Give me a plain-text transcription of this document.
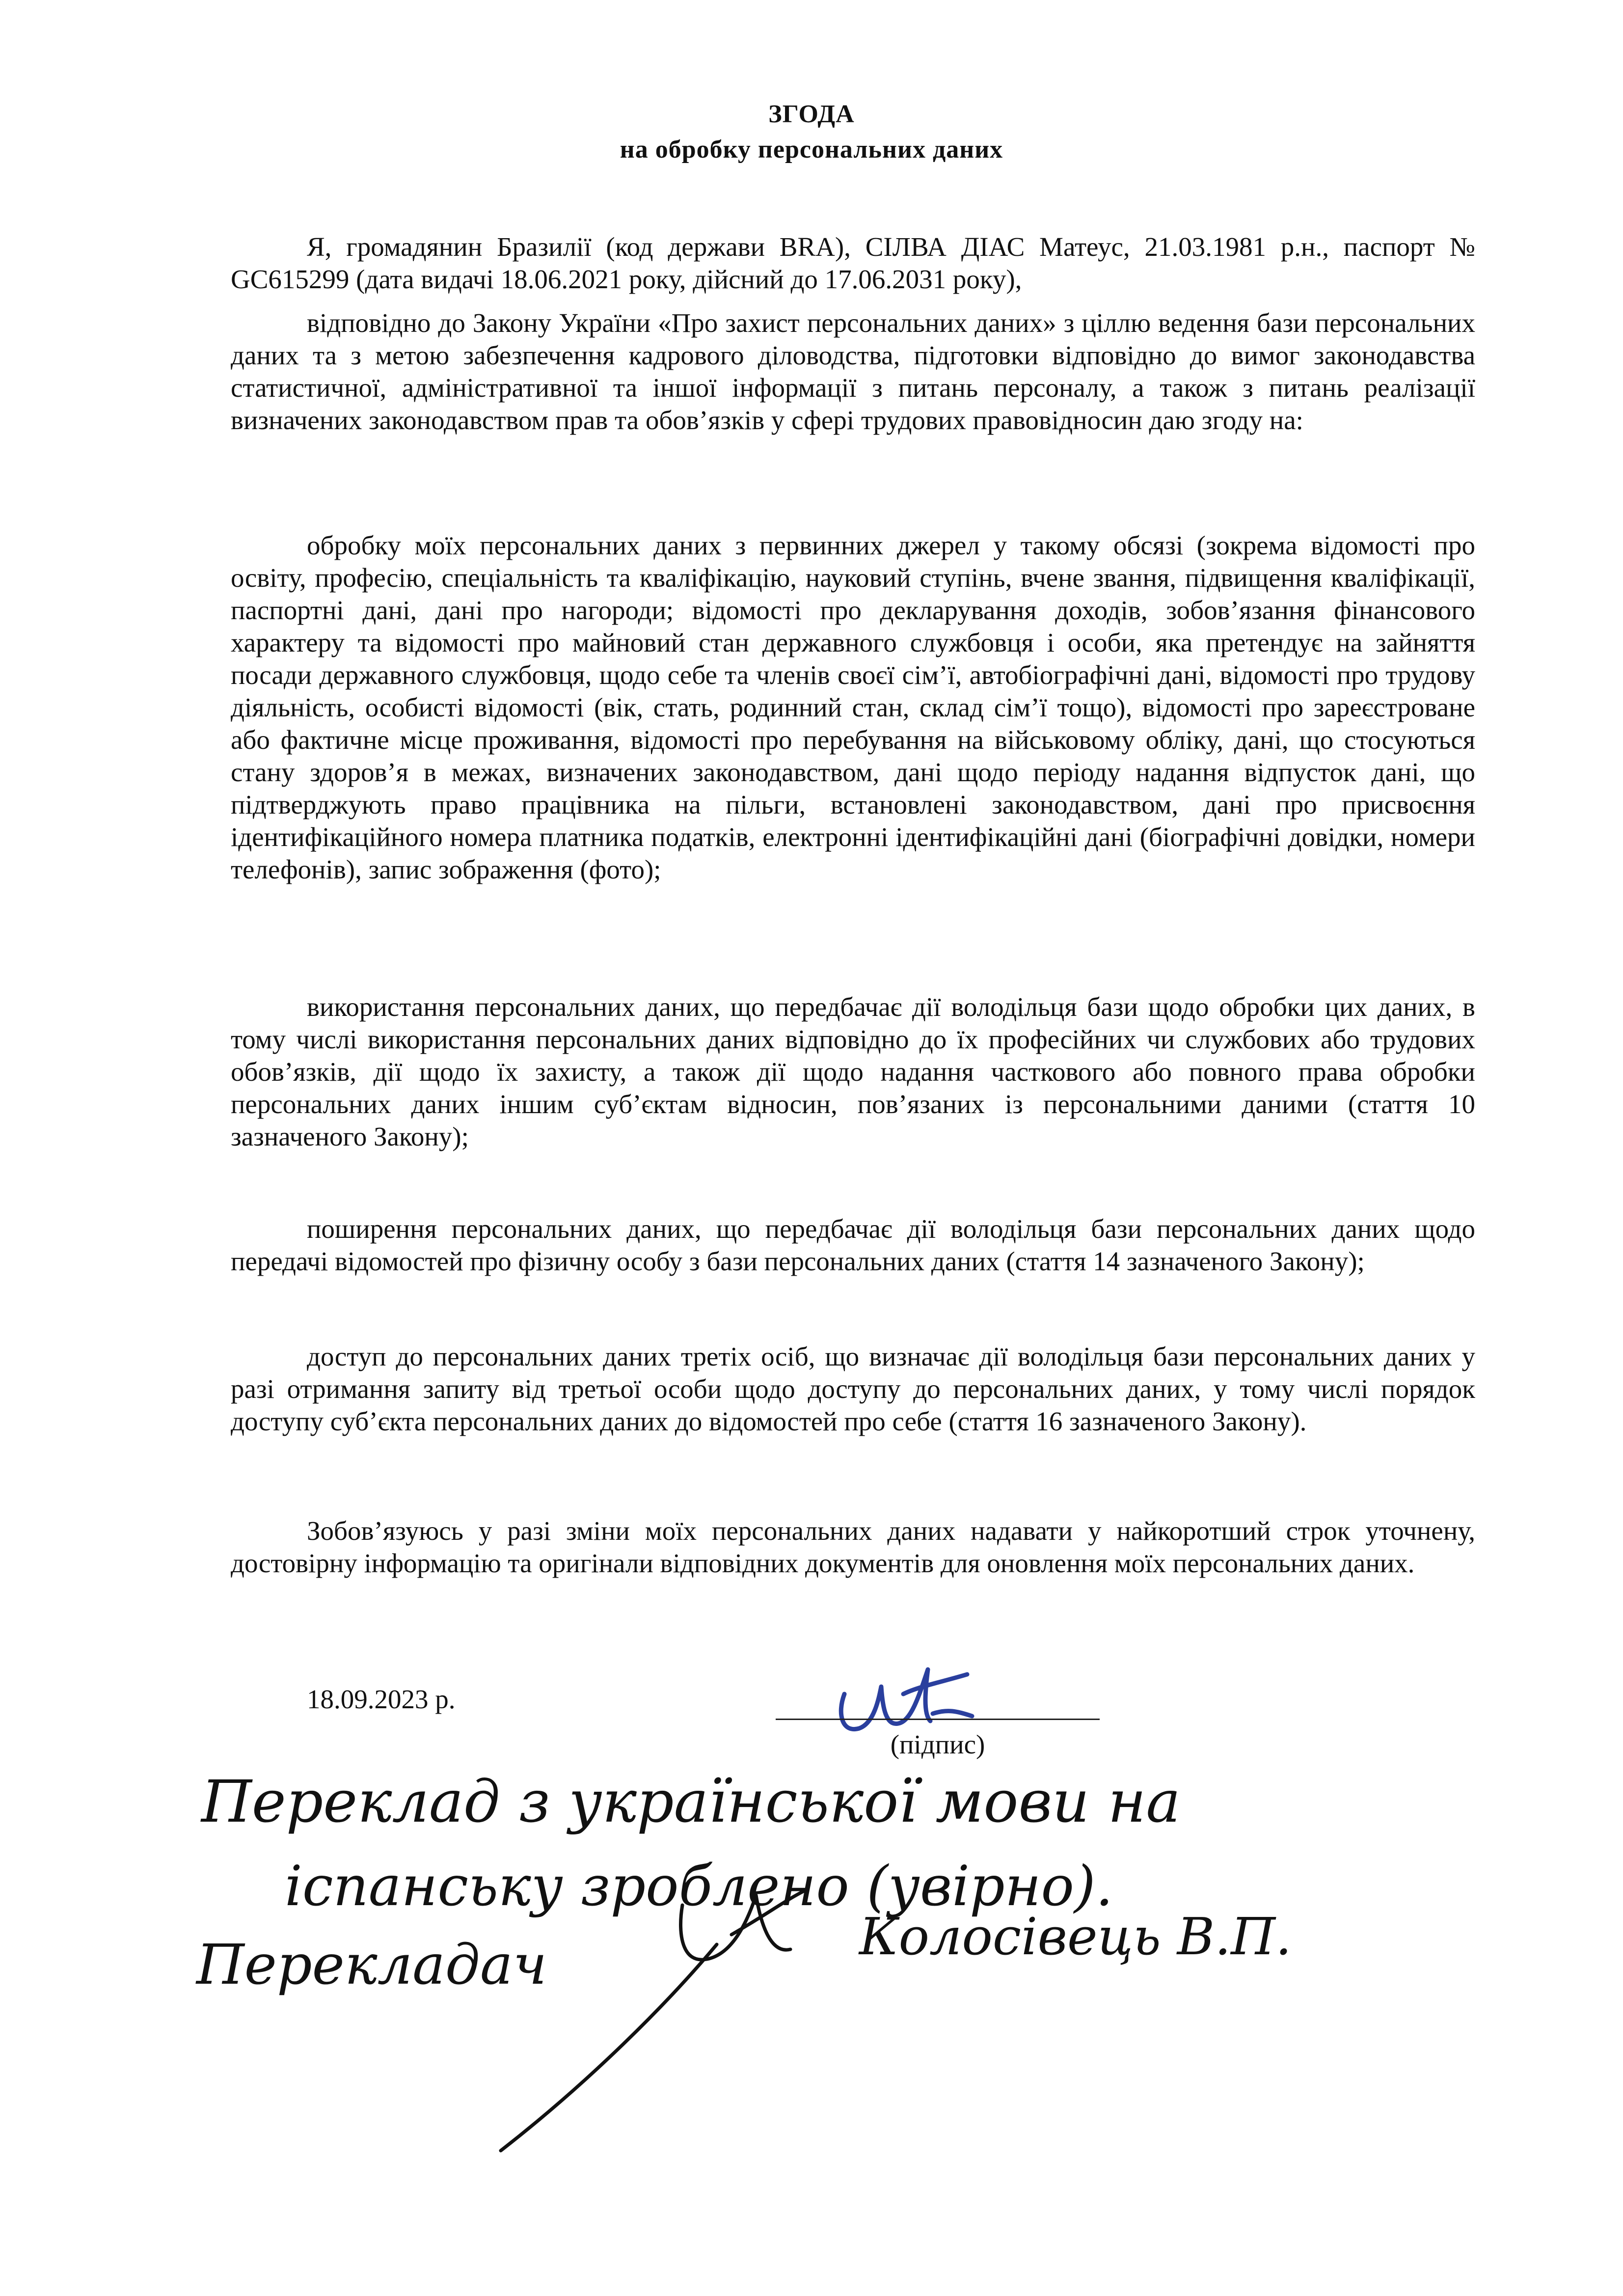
ЗГОДА
на обробку персональних даних

Я, громадянин Бразилії (код держави BRA), СІЛВА ДІАС Матеус, 21.03.1981 р.н., паспорт № GC615299 (дата видачі 18.06.2021 року, дійсний до 17.06.2031 року),

відповідно до Закону України «Про захист персональних даних» з ціллю ведення бази персональних даних та з метою забезпечення кадрового діловодства, підготовки відповідно до вимог законодавства статистичної, адміністративної та іншої інформації з питань персоналу, а також з питань реалізації визначених законодавством прав та обов’язків у сфері трудових правовідносин даю згоду на:

обробку моїх персональних даних з первинних джерел у такому обсязі (зокрема відомості про освіту, професію, спеціальність та кваліфікацію, науковий ступінь, вчене звання, підвищення кваліфікації, паспортні дані, дані про нагороди; відомості про декларування доходів, зобов’язання фінансового характеру та відомості про майновий стан державного службовця і особи, яка претендує на зайняття посади державного службовця, щодо себе та членів своєї сім’ї, автобіографічні дані, відомості про трудову діяльність, особисті відомості (вік, стать, родинний стан, склад сім’ї тощо), відомості про зареєстроване або фактичне місце проживання, відомості про перебування на військовому обліку, дані, що стосуються стану здоров’я в межах, визначених законодавством, дані щодо періоду надання відпусток дані, що підтверджують право працівника на пільги, встановлені законодавством, дані про присвоєння ідентифікаційного номера платника податків, електронні ідентифікаційні дані (біографічні довідки, номери телефонів), запис зображення (фото);

використання персональних даних, що передбачає дії володільця бази щодо обробки цих даних, в тому числі використання персональних даних відповідно до їх професійних чи службових або трудових обов’язків, дії щодо їх захисту, а також дії щодо надання часткового або повного права обробки персональних даних іншим суб’єктам відносин, пов’язаних із персональними даними (стаття 10 зазначеного Закону);

поширення персональних даних, що передбачає дії володільця бази персональних даних щодо передачі відомостей про фізичну особу з бази персональних даних (стаття 14 зазначеного Закону);

доступ до персональних даних третіх осіб, що визначає дії володільця бази персональних даних у разі отримання запиту від третьої особи щодо доступу до персональних даних, у тому числі порядок доступу суб’єкта персональних даних до відомостей про себе (стаття 16 зазначеного Закону).

Зобов’язуюсь у разі зміни моїх персональних даних надавати у найкоротший строк уточнену, достовірну інформацію та оригінали відповідних документів для оновлення моїх персональних даних.

18.09.2023 р.
(підпис)
Переклад з української мови на
іспанську зроблено (увірно).
Перекладач	Колосівець В.П.
